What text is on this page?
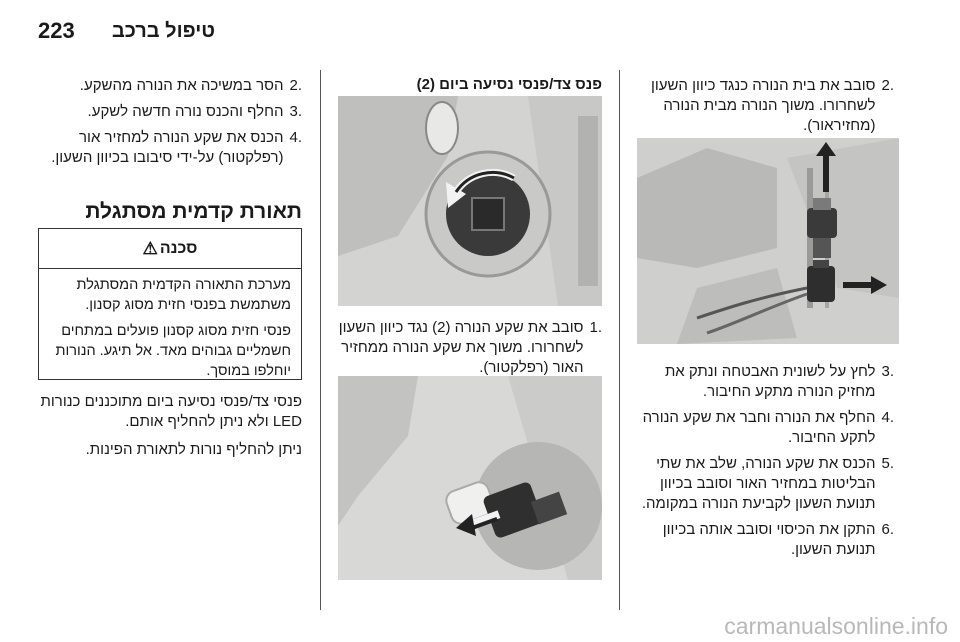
223 טיפול ברכב
.2
סובב את בית הנורה כנגד כיוון השעון לשחרורו. משוך הנורה מבית הנורה (מחזיראור).
.3
לחץ על לשונית האבטחה ונתק את מחזיק הנורה מתקע החיבור.
.4
החלף את הנורה וחבר את שקע הנורה לתקע החיבור.
.5
הכנס את שקע הנורה, שלב את שתי הבליטות במחזיר האור וסובב בכיוון תנועת השעון לקביעת הנורה במקומה.
.6
התקן את הכיסוי וסובב אותה בכיוון תנועת השעון.
פנס צד/פנסי נסיעה ביום (2)
.1
סובב את שקע הנורה (2) נגד כיוון השעון לשחרורו. משוך את שקע הנורה ממחזיר האור (רפלקטור).
.2
הסר במשיכה את הנורה מהשקע.
.3
החלף והכנס נורה חדשה לשקע.
.4
הכנס את שקע הנורה למחזיר אור (רפלקטור) על-ידי סיבובו בכיוון השעון.
תאורת קדמית מסתגלת
סכנה
⚠

מערכת התאורה הקדמית המסתגלת משתמשת בפנסי חזית מסוג קסנון.

פנסי חזית מסוג קסנון פועלים במתחים חשמליים גבוהים מאד. אל תיגע. הנורות יוחלפו במוסך.

פנסי צד/פנסי נסיעה ביום מתוכננים כנורות LED ולא ניתן להחליף אותם.

ניתן להחליף נורות לתאורת הפינות.

carmanualsonline.info
